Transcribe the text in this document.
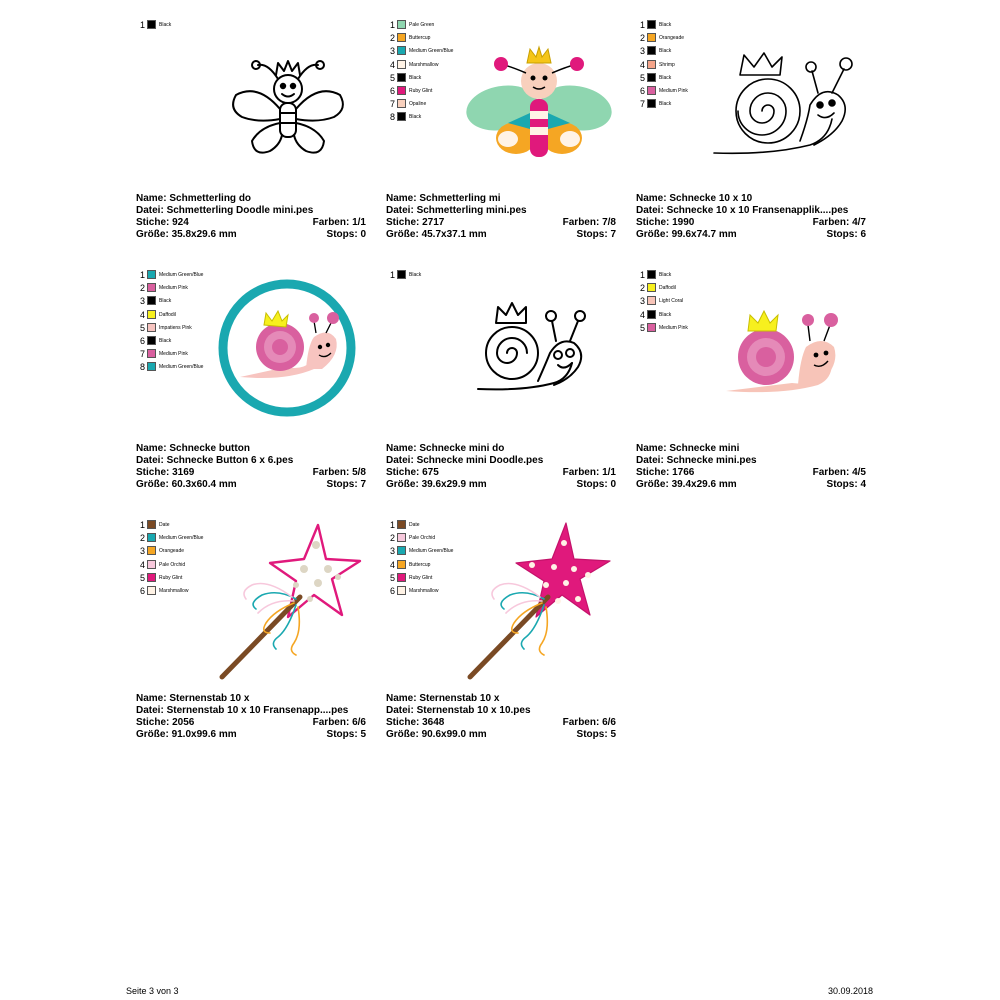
1	Black
Name: Schmetterling do
Datei: Schmetterling Doodle mini.pes
Stiche: 924	Farben: 1/1
Größe: 35.8x29.6 mm	Stops: 0
1	Pale Green
2	Buttercup
3	Medium Green/Blue
4	Marshmallow
5	Black
6	Ruby Glint
7	Opaline
8	Black
Name: Schmetterling mi
Datei: Schmetterling mini.pes
Stiche: 2717	Farben: 7/8
Größe: 45.7x37.1 mm	Stops: 7
1	Black
2	Orangeade
3	Black
4	Shrimp
5	Black
6	Medium Pink
7	Black
Name: Schnecke 10 x 10
Datei: Schnecke 10 x 10 Fransenapplik....pes
Stiche: 1990	Farben: 4/7
Größe: 99.6x74.7 mm	Stops: 6
1	Medium Green/Blue
2	Medium Pink
3	Black
4	Daffodil
5	Impatiens Pink
6	Black
7	Medium Pink
8	Medium Green/Blue
Name: Schnecke button
Datei: Schnecke Button 6 x 6.pes
Stiche: 3169	Farben: 5/8
Größe: 60.3x60.4 mm	Stops: 7
1	Black
Name: Schnecke mini do
Datei: Schnecke mini Doodle.pes
Stiche: 675	Farben: 1/1
Größe: 39.6x29.9 mm	Stops: 0
1	Black
2	Daffodil
3	Light Coral
4	Black
5	Medium Pink
Name: Schnecke mini
Datei: Schnecke mini.pes
Stiche: 1766	Farben: 4/5
Größe: 39.4x29.6 mm	Stops: 4
1	Date
2	Medium Green/Blue
3	Orangeade
4	Pale Orchid
5	Ruby Glint
6	Marshmallow
Name: Sternenstab 10 x
Datei: Sternenstab 10 x 10 Fransenapp....pes
Stiche: 2056	Farben: 6/6
Größe: 91.0x99.6 mm	Stops: 5
1	Date
2	Pale Orchid
3	Medium Green/Blue
4	Buttercup
5	Ruby Glint
6	Marshmallow
Name: Sternenstab 10 x
Datei: Sternenstab 10 x 10.pes
Stiche: 3648	Farben: 6/6
Größe: 90.6x99.0 mm	Stops: 5
Seite 3 von 3	30.09.2018
